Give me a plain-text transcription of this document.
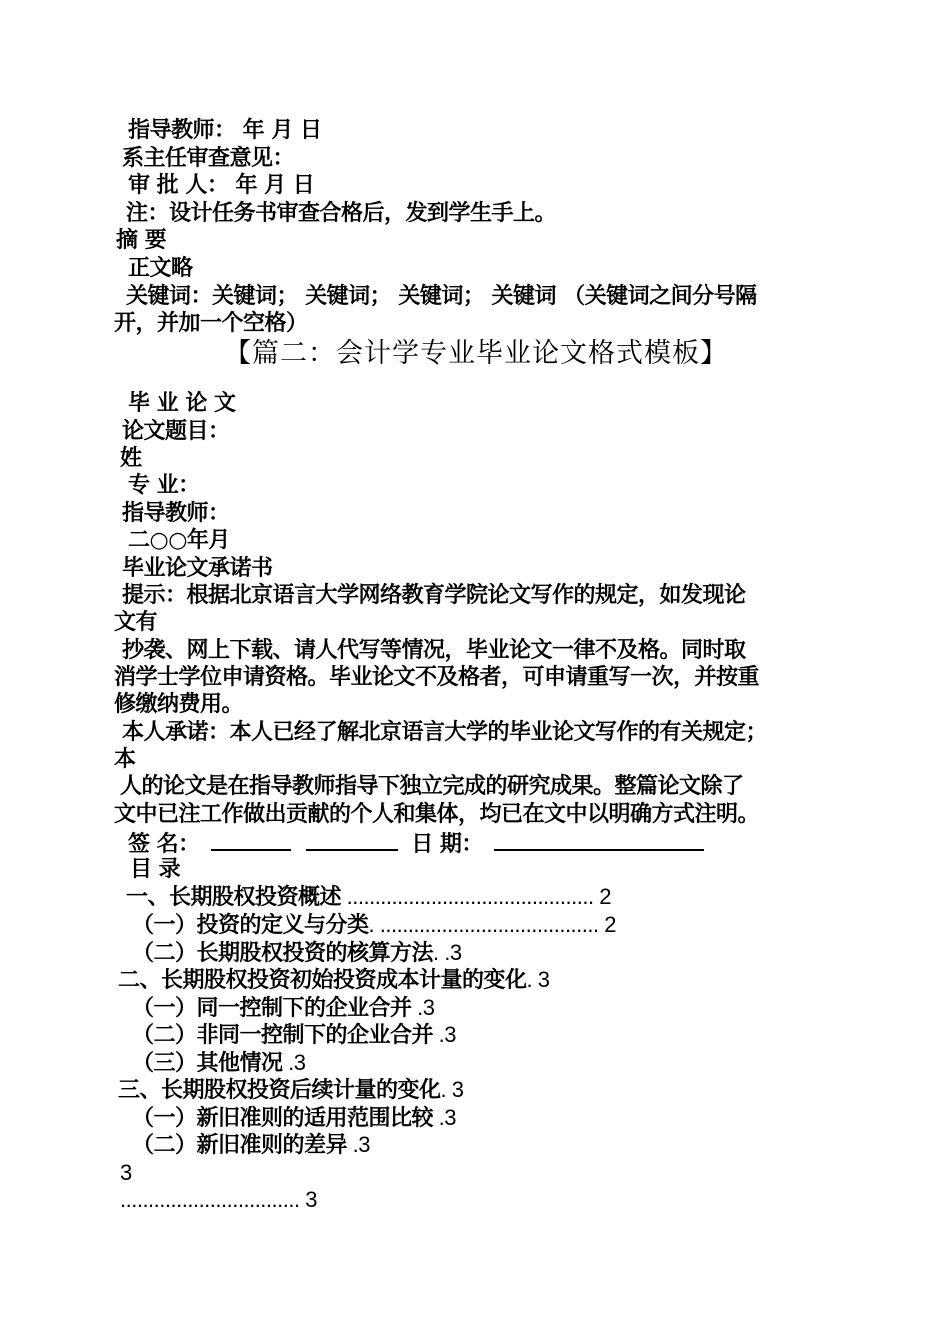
指导教师： 年 月 日
系主任审查意见：
审 批 人： 年 月 日
注：设计任务书审查合格后，发到学生手上。
摘 要
正文略
关键词：关键词； 关键词； 关键词； 关键词 （关键词之间分号隔
开，并加一个空格）
【篇二：会计学专业毕业论文格式模板】
毕 业 论 文
论文题目：
姓
专 业：
指导教师：
二○○年月
毕业论文承诺书
提示：根据北京语言大学网络教育学院论文写作的规定，如发现论
文有
抄袭、网上下载、请人代写等情况，毕业论文一律不及格。同时取
消学士学位申请资格。毕业论文不及格者，可申请重写一次，并按重
修缴纳费用。
本人承诺：本人已经了解北京语言大学的毕业论文写作的有关规定；
本
人的论文是在指导教师指导下独立完成的研究成果。整篇论文除了
文中已注工作做出贡献的个人和集体，均已在文中以明确方式注明。
签 名：	日 期：
目 录
一、长期股权投资概述 ............................................ 2
（一）投资的定义与分类. ....................................... 2
（二）长期股权投资的核算方法. .3
二、长期股权投资初始投资成本计量的变化. 3
（一）同一控制下的企业合并 .3
（二）非同一控制下的企业合并 .3
（三）其他情况 .3
三、长期股权投资后续计量的变化. 3
（一）新旧准则的适用范围比较 .3
（二）新旧准则的差异 .3
3
................................ 3
